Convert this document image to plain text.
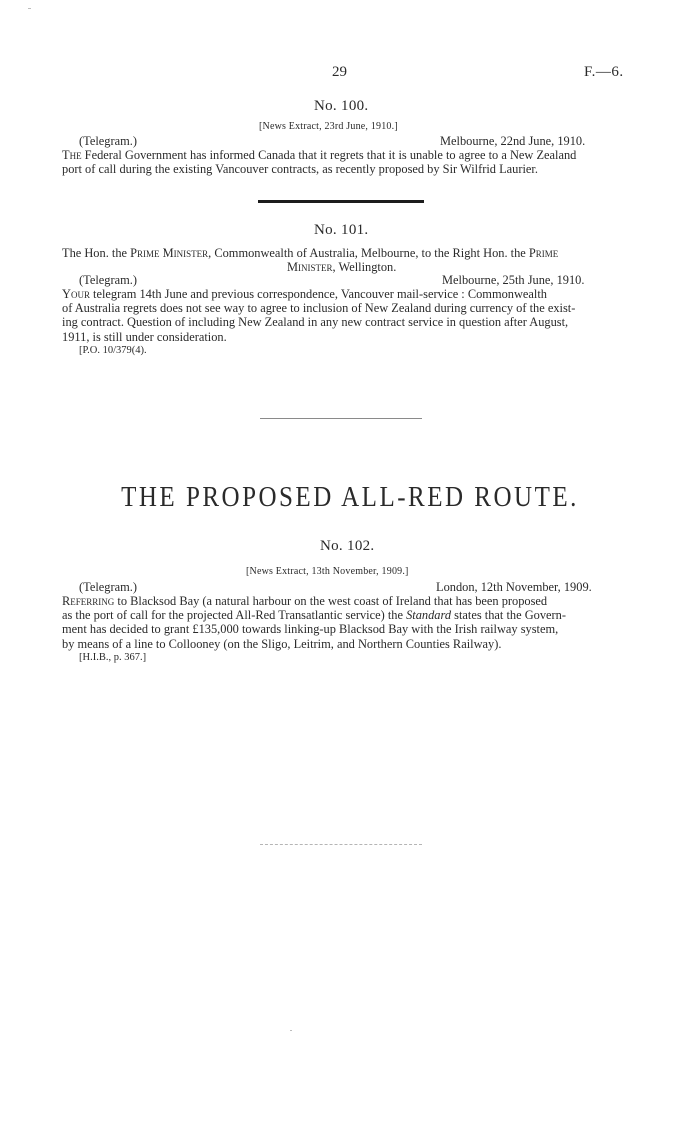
29	F.—6.
No. 100.
[News Extract, 23rd June, 1910.]
(Telegram.)	Melbourne, 22nd June, 1910.
The Federal Government has informed Canada that it regrets that it is unable to agree to a New Zealand
port of call during the existing Vancouver contracts, as recently proposed by Sir Wilfrid Laurier.
No. 101.
The Hon. the Prime Minister, Commonwealth of Australia, Melbourne, to the Right Hon. the Prime
Minister, Wellington.
(Telegram.)	Melbourne, 25th June, 1910.
Your telegram 14th June and previous correspondence, Vancouver mail-service : Commonwealth
of Australia regrets does not see way to agree to inclusion of New Zealand during currency of the exist-
ing contract. Question of including New Zealand in any new contract service in question after August,
1911, is still under consideration.
[P.O. 10/379(4).
THE PROPOSED ALL-RED ROUTE.
No. 102.
[News Extract, 13th November, 1909.]
(Telegram.)	London, 12th November, 1909.
Referring to Blacksod Bay (a natural harbour on the west coast of Ireland that has been proposed
as the port of call for the projected All-Red Transatlantic service) the Standard states that the Govern-
ment has decided to grant £135,000 towards linking-up Blacksod Bay with the Irish railway system,
by means of a line to Collooney (on the Sligo, Leitrim, and Northern Counties Railway).
[H.I.B., p. 367.]
